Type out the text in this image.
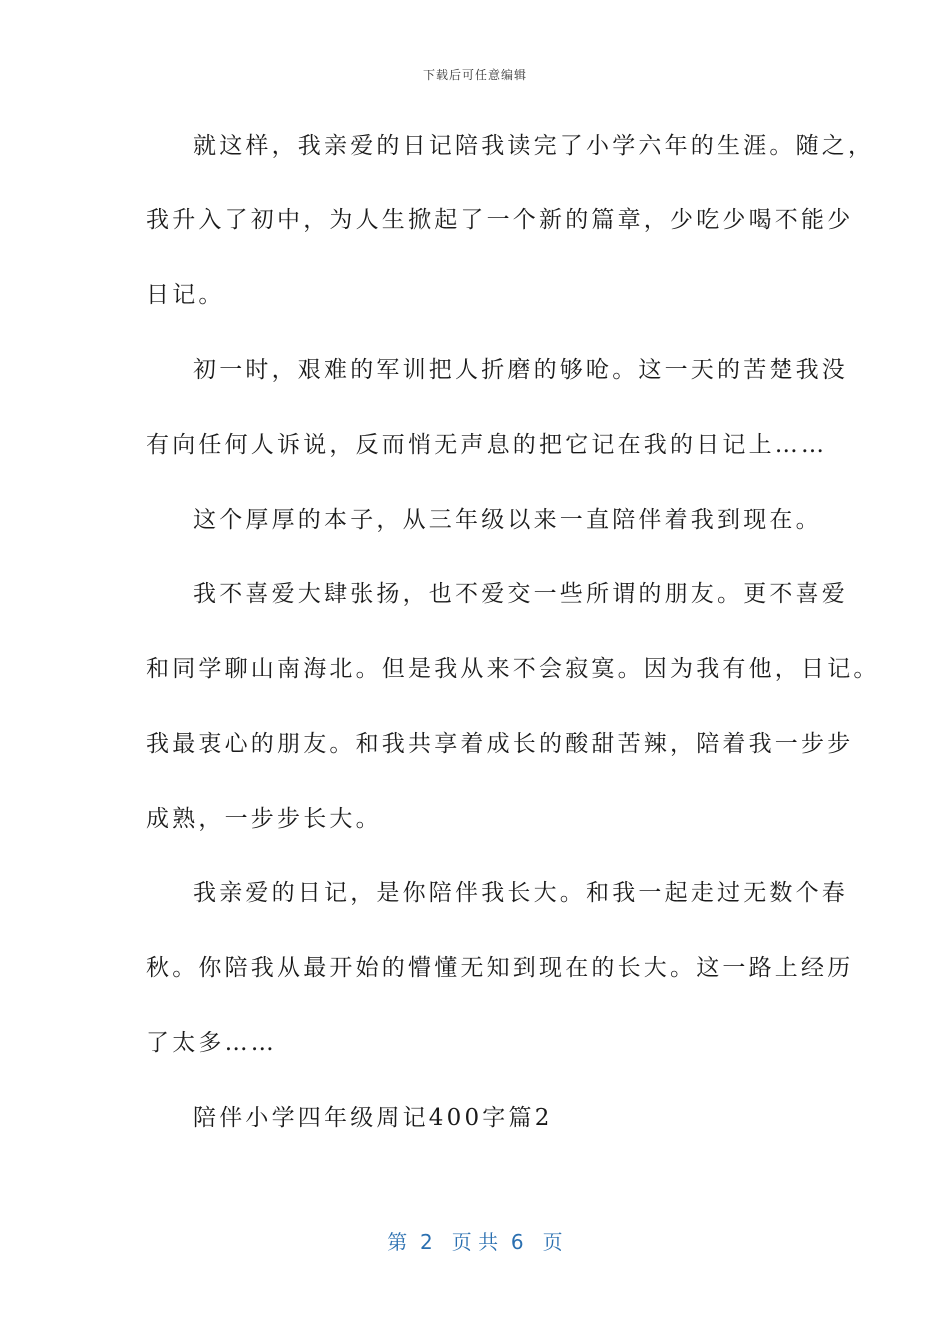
下载后可任意编辑
就这样，我亲爱的日记陪我读完了小学六年的生涯。随之，
我升入了初中，为人生掀起了一个新的篇章，少吃少喝不能少
日记。
初一时，艰难的军训把人折磨的够呛。这一天的苦楚我没
有向任何人诉说，反而悄无声息的把它记在我的日记上……
这个厚厚的本子，从三年级以来一直陪伴着我到现在。
我不喜爱大肆张扬，也不爱交一些所谓的朋友。更不喜爱
和同学聊山南海北。但是我从来不会寂寞。因为我有他，日记。
我最衷心的朋友。和我共享着成长的酸甜苦辣，陪着我一步步
成熟，一步步长大。
我亲爱的日记，是你陪伴我长大。和我一起走过无数个春
秋。你陪我从最开始的懵懂无知到现在的长大。这一路上经历
了太多……
陪伴小学四年级周记400字篇2
第  2   页 共  6   页
